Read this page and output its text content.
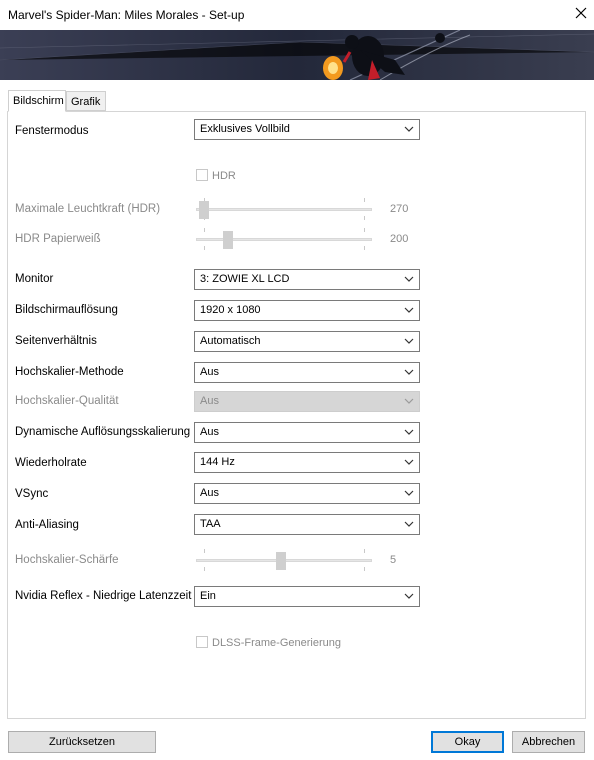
Marvel's Spider-Man: Miles Morales - Set-up
Bildschirm Grafik
Fenstermodus	Exklusives Vollbild
HDR
Maximale Leuchtkraft (HDR)	270
HDR Papierweiß	200
Monitor	3: ZOWIE XL LCD
Bildschirmauflösung	1920 x 1080
Seitenverhältnis	Automatisch
Hochskalier-Methode	Aus
Hochskalier-Qualität	Aus
Dynamische Auflösungsskalierung Aus
Wiederholrate	144 Hz
VSync	Aus
Anti-Aliasing	TAA
Hochskalier-Schärfe	5
Nvidia Reflex - Niedrige Latenzzeit Ein
DLSS-Frame-Generierung
Zurücksetzen	Okay	Abbrechen
